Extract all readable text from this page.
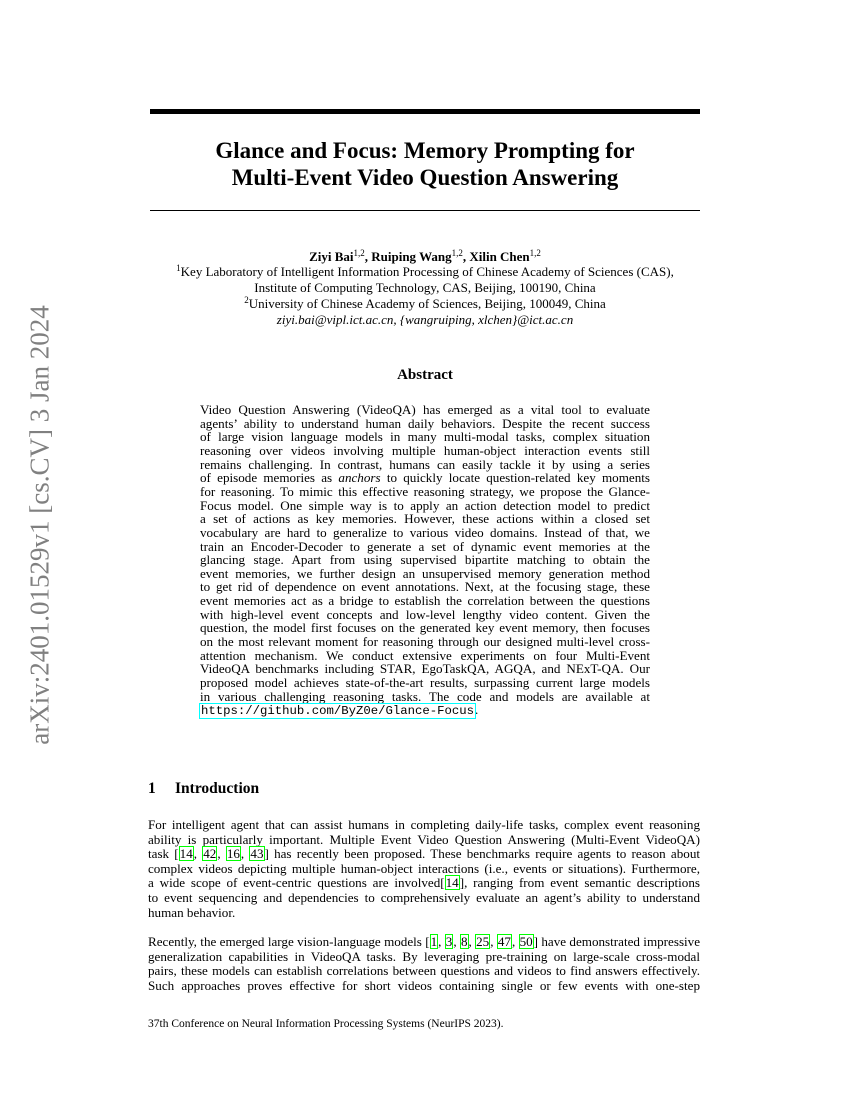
arXiv:2401.01529v1 [cs.CV] 3 Jan 2024
Glance and Focus: Memory Prompting for
Multi-Event Video Question Answering
Ziyi Bai$^{1,2}$, Ruiping Wang$^{1,2}$, Xilin Chen$^{1,2}$
$^1$Key Laboratory of Intelligent Information Processing of Chinese Academy of Sciences (CAS),
Institute of Computing Technology, CAS, Beijing, 100190, China
$^2$University of Chinese Academy of Sciences, Beijing, 100049, China
ziyi.bai@vipl.ict.ac.cn, {wangruiping, xlchen}@ict.ac.cn
Abstract
Video Question Answering (VideoQA) has emerged as a vital tool to evaluate
agents’ ability to understand human daily behaviors. Despite the recent success
of large vision language models in many multi-modal tasks, complex situation
reasoning over videos involving multiple human-object interaction events still
remains challenging. In contrast, humans can easily tackle it by using a series
of episode memories as anchors to quickly locate question-related key moments
for reasoning. To mimic this effective reasoning strategy, we propose the Glance-
Focus model. One simple way is to apply an action detection model to predict
a set of actions as key memories. However, these actions within a closed set
vocabulary are hard to generalize to various video domains. Instead of that, we
train an Encoder-Decoder to generate a set of dynamic event memories at the
glancing stage. Apart from using supervised bipartite matching to obtain the
event memories, we further design an unsupervised memory generation method
to get rid of dependence on event annotations. Next, at the focusing stage, these
event memories act as a bridge to establish the correlation between the questions
with high-level event concepts and low-level lengthy video content. Given the
question, the model first focuses on the generated key event memory, then focuses
on the most relevant moment for reasoning through our designed multi-level cross-
attention mechanism. We conduct extensive experiments on four Multi-Event
VideoQA benchmarks including STAR, EgoTaskQA, AGQA, and NExT-QA. Our
proposed model achieves state-of-the-art results, surpassing current large models
in various challenging reasoning tasks. The code and models are available at
https://github.com/ByZ0e/Glance-Focus.
1 Introduction
For intelligent agent that can assist humans in completing daily-life tasks, complex event reasoning
ability is particularly important. Multiple Event Video Question Answering (Multi-Event VideoQA)
task [14, 42, 16, 43] has recently been proposed. These benchmarks require agents to reason about
complex videos depicting multiple human-object interactions (i.e., events or situations). Furthermore,
a wide scope of event-centric questions are involved[14], ranging from event semantic descriptions
to event sequencing and dependencies to comprehensively evaluate an agent’s ability to understand
human behavior.
Recently, the emerged large vision-language models [1, 3, 8, 25, 47, 50] have demonstrated impressive
generalization capabilities in VideoQA tasks. By leveraging pre-training on large-scale cross-modal
pairs, these models can establish correlations between questions and videos to find answers effectively.
Such approaches proves effective for short videos containing single or few events with one-step
37th Conference on Neural Information Processing Systems (NeurIPS 2023).
